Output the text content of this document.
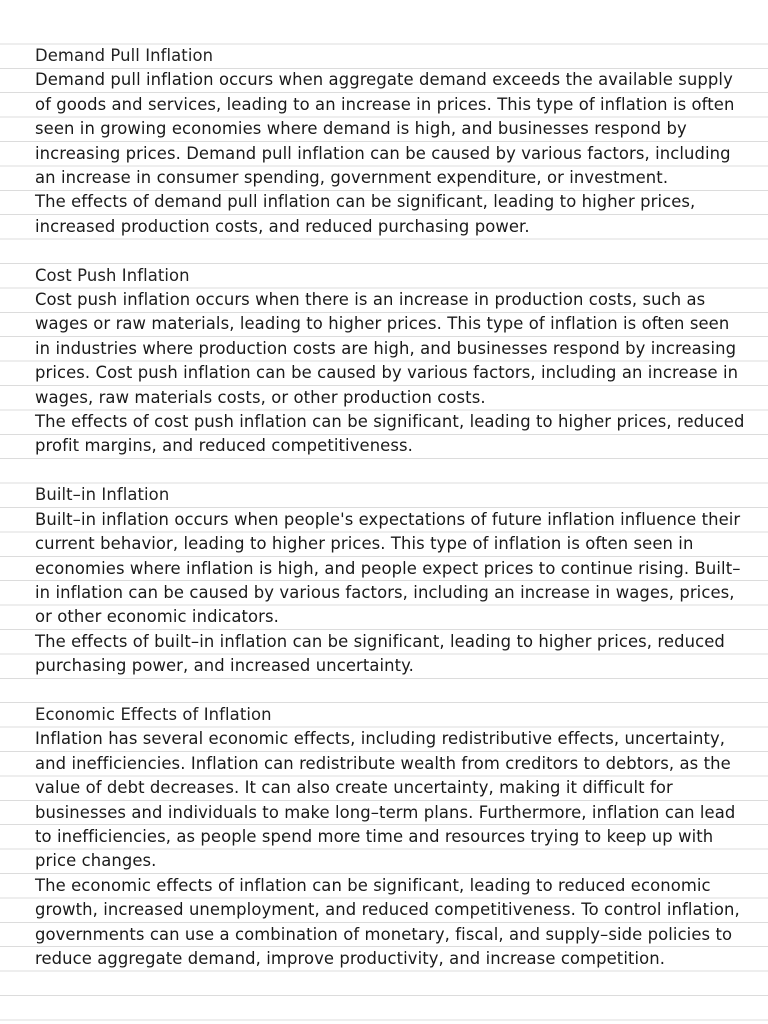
Demand Pull Inflation

Demand pull inflation occurs when aggregate demand exceeds the available supply of goods and services, leading to an increase in prices. This type of inflation is often seen in growing economies where demand is high, and businesses respond by increasing prices. Demand pull inflation can be caused by various factors, including an increase in consumer spending, government expenditure, or investment.

The effects of demand pull inflation can be significant, leading to higher prices, increased production costs, and reduced purchasing power.

Cost Push Inflation

Cost push inflation occurs when there is an increase in production costs, such as wages or raw materials, leading to higher prices. This type of inflation is often seen in industries where production costs are high, and businesses respond by increasing prices. Cost push inflation can be caused by various factors, including an increase in wages, raw materials costs, or other production costs.

The effects of cost push inflation can be significant, leading to higher prices, reduced profit margins, and reduced competitiveness.

Built–in Inflation

Built–in inflation occurs when people's expectations of future inflation influence their current behavior, leading to higher prices. This type of inflation is often seen in economies where inflation is high, and people expect prices to continue rising. Built–in inflation can be caused by various factors, including an increase in wages, prices, or other economic indicators.

The effects of built–in inflation can be significant, leading to higher prices, reduced purchasing power, and increased uncertainty.

Economic Effects of Inflation

Inflation has several economic effects, including redistributive effects, uncertainty, and inefficiencies. Inflation can redistribute wealth from creditors to debtors, as the value of debt decreases. It can also create uncertainty, making it difficult for businesses and individuals to make long–term plans. Furthermore, inflation can lead to inefficiencies, as people spend more time and resources trying to keep up with price changes.

The economic effects of inflation can be significant, leading to reduced economic growth, increased unemployment, and reduced competitiveness. To control inflation, governments can use a combination of monetary, fiscal, and supply–side policies to reduce aggregate demand, improve productivity, and increase competition.
